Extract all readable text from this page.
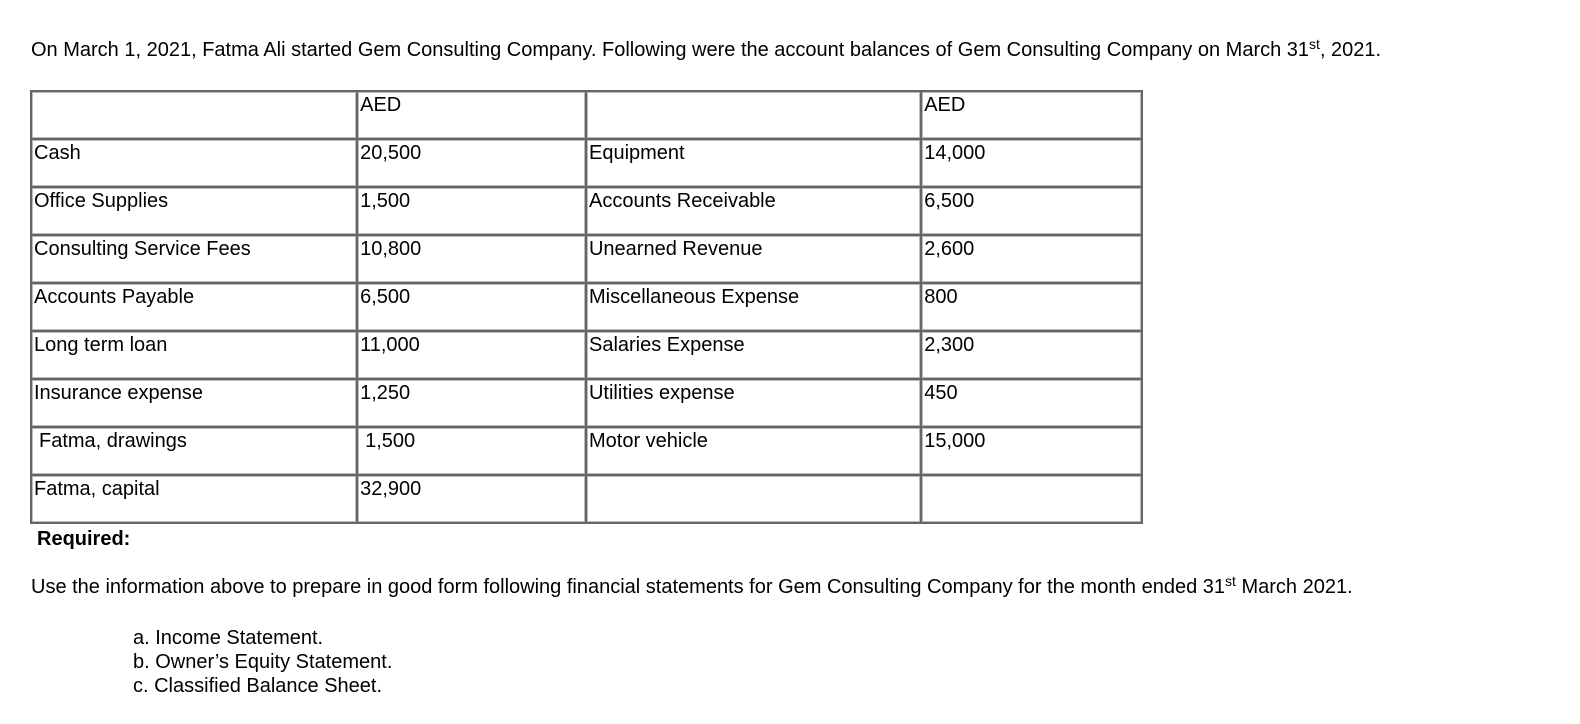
On March 1, 2021, Fatma Ali started Gem Consulting Company. Following were the account balances of Gem Consulting Company on March 31st, 2021.
	AED		AED
Cash	20,500	Equipment	14,000
Office Supplies	1,500	Accounts Receivable	6,500
Consulting Service Fees	10,800	Unearned Revenue	2,600
Accounts Payable	6,500	Miscellaneous Expense	800
Long term loan	11,000	Salaries Expense	2,300
Insurance expense	1,250	Utilities expense	450
Fatma, drawings	1,500	Motor vehicle	15,000
Fatma, capital	32,900		
Required:
Use the information above to prepare in good form following financial statements for Gem Consulting Company for the month ended 31st March 2021.
a. Income Statement.
b. Owner’s Equity Statement.
c. Classified Balance Sheet.
